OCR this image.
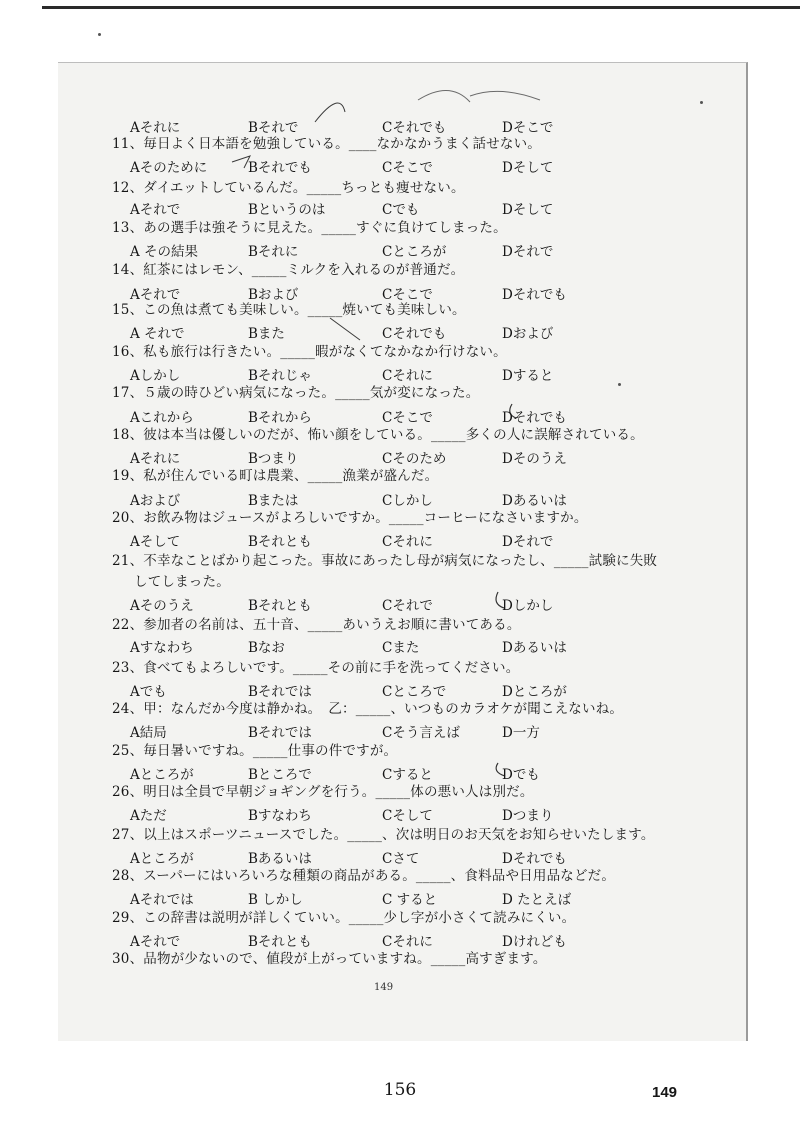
Aそれに	Bそれで	Cそれでも	Dそこで
11、毎日よく日本語を勉強している。____なかなかうまく話せない。
Aそのために	Bそれでも	Cそこで	Dそして
12、ダイエットしているんだ。_____ちっとも痩せない。
Aそれで	Bというのは	Cでも	Dそして
13、あの選手は強そうに見えた。_____すぐに負けてしまった。
A その結果	Bそれに	Cところが	Dそれで
14、紅茶にはレモン、_____ミルクを入れるのが普通だ。
Aそれで	Bおよび	Cそこで	Dそれでも
15、この魚は煮ても美味しい。_____焼いても美味しい。
A それで	Bまた	Cそれでも	Dおよび
16、私も旅行は行きたい。_____暇がなくてなかなか行けない。
Aしかし	Bそれじゃ	Cそれに	Dすると
17、５歳の時ひどい病気になった。_____気が変になった。
Aこれから	Bそれから	Cそこで	Dそれでも
18、彼は本当は優しいのだが、怖い顔をしている。_____多くの人に誤解されている。
Aそれに	Bつまり	Cそのため	Dそのうえ
19、私が住んでいる町は農業、_____漁業が盛んだ。
Aおよび	Bまたは	Cしかし	Dあるいは
20、お飲み物はジュースがよろしいですか。_____コーヒーになさいますか。
Aそして	Bそれとも	Cそれに	Dそれで
21、不幸なことばかり起こった。事故にあったし母が病気になったし、_____試験に失敗
してしまった。
Aそのうえ	Bそれとも	Cそれで	Dしかし
22、参加者の名前は、五十音、_____あいうえお順に書いてある。
Aすなわち	Bなお	Cまた	Dあるいは
23、食べてもよろしいです。_____その前に手を洗ってください。
Aでも	Bそれでは	Cところで	Dところが
24、甲：なんだか今度は静かね。　乙：_____、いつものカラオケが聞こえないね。
A結局	Bそれでは	Cそう言えば	D一方
25、毎日暑いですね。_____仕事の件ですが。
Aところが	Bところで	Cすると	Dでも
26、明日は全員で早朝ジョギングを行う。_____体の悪い人は別だ。
Aただ	Bすなわち	Cそして	Dつまり
27、以上はスポーツニュースでした。_____、次は明日のお天気をお知らせいたします。
Aところが	Bあるいは	Cさて	Dそれでも
28、スーパーにはいろいろな種類の商品がある。_____、食料品や日用品などだ。
Aそれでは	B しかし	C すると	D たとえば
29、この辞書は説明が詳しくていい。_____少し字が小さくて読みにくい。
Aそれで	Bそれとも	Cそれに	Dけれども
30、品物が少ないので、値段が上がっていますね。_____高すぎます。
149
156	149
